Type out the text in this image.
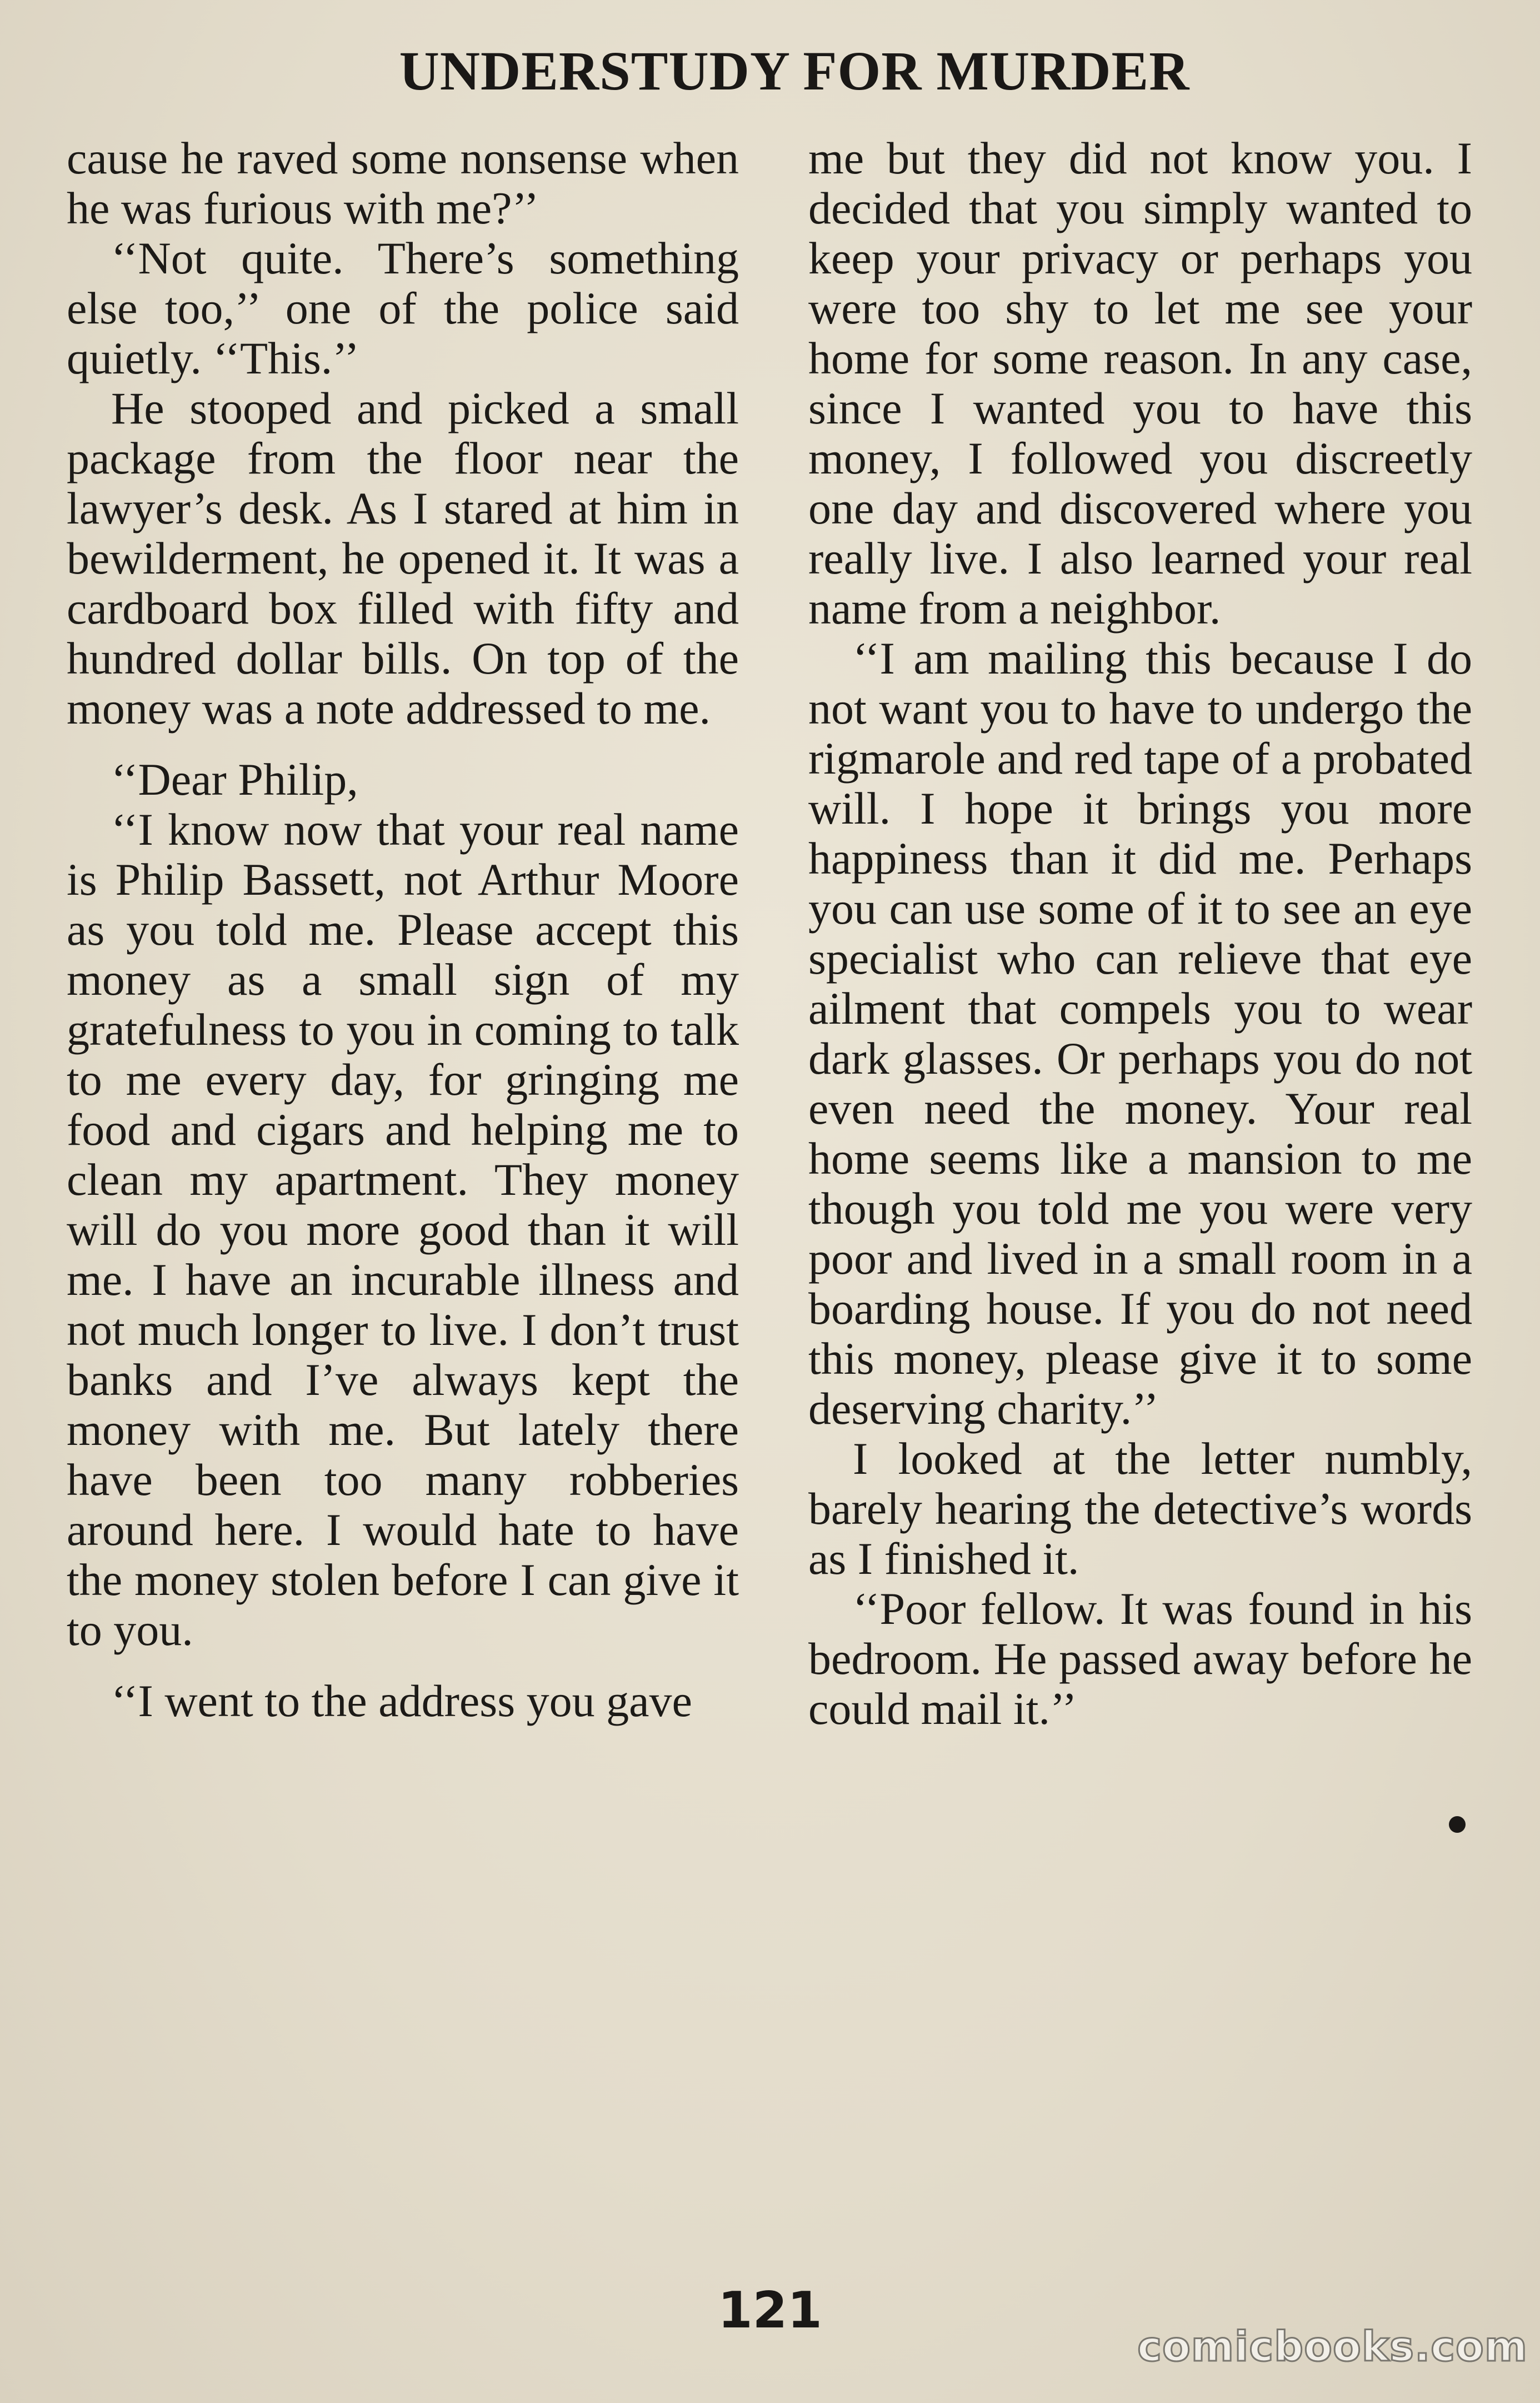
UNDERSTUDY FOR MURDER

cause he raved some nonsense when he was furious with me?’’

‘‘Not quite. There’s something else too,’’ one of the police said quietly. ‘‘This.’’

He stooped and picked a small package from the floor near the lawyer’s desk. As I stared at him in bewilderment, he opened it. It was a cardboard box filled with fifty and hundred dollar bills. On top of the money was a note addressed to me.

‘‘Dear Philip,

‘‘I know now that your real name is Philip Bassett, not Arthur Moore as you told me. Please accept this money as a small sign of my gratefulness to you in coming to talk to me every day, for gringing me food and cigars and helping me to clean my apartment. They money will do you more good than it will me. I have an incurable illness and not much longer to live. I don’t trust banks and I’ve always kept the money with me. But lately there have been too many robberies around here. I would hate to have the money stolen before I can give it to you.

‘‘I went to the address you gave

me but they did not know you. I decided that you simply wanted to keep your privacy or perhaps you were too shy to let me see your home for some reason. In any case, since I wanted you to have this money, I followed you discreetly one day and discovered where you really live. I also learned your real name from a neighbor.

‘‘I am mailing this because I do not want you to have to undergo the rigmarole and red tape of a probated will. I hope it brings you more happiness than it did me. Perhaps you can use some of it to see an eye specialist who can relieve that eye ailment that compels you to wear dark glasses. Or perhaps you do not even need the money. Your real home seems like a mansion to me though you told me you were very poor and lived in a small room in a boarding house. If you do not need this money, please give it to some deserving charity.’’

I looked at the letter numbly, barely hearing the detective’s words as I finished it.

‘‘Poor fellow. It was found in his bedroom. He passed away before he could mail it.’’

121
comicbooks.com
